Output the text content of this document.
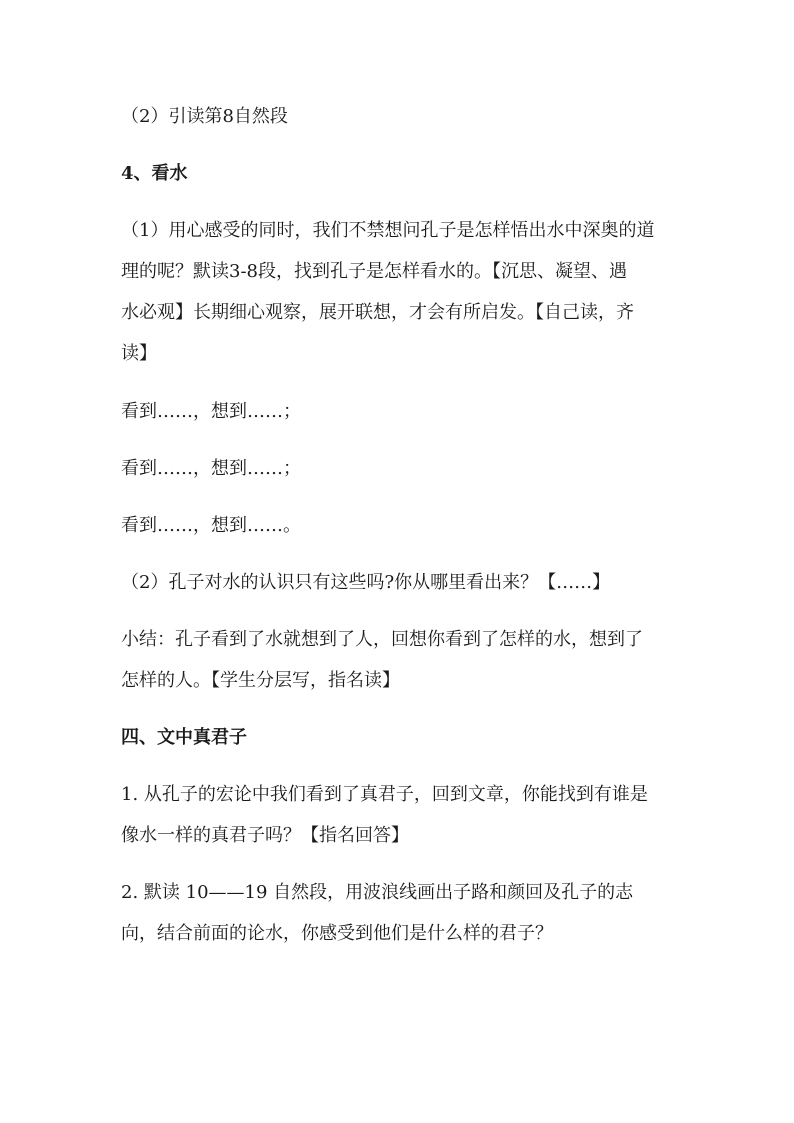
（2）引读第8自然段
4、看水
（1）用心感受的同时，我们不禁想问孔子是怎样悟出水中深奥的道
理的呢？默读3-8段，找到孔子是怎样看水的。【沉思、凝望、遇
水必观】长期细心观察，展开联想，才会有所启发。【自己读，齐
读】
看到……，想到……；
看到……，想到……；
看到……，想到……。
（2）孔子对水的认识只有这些吗?你从哪里看出来？【……】
小结：孔子看到了水就想到了人，回想你看到了怎样的水，想到了
怎样的人。【学生分层写，指名读】
四、文中真君子
1. 从孔子的宏论中我们看到了真君子，回到文章，你能找到有谁是
像水一样的真君子吗？【指名回答】
2. 默读 10——19 自然段，用波浪线画出子路和颜回及孔子的志
向，结合前面的论水，你感受到他们是什么样的君子？
